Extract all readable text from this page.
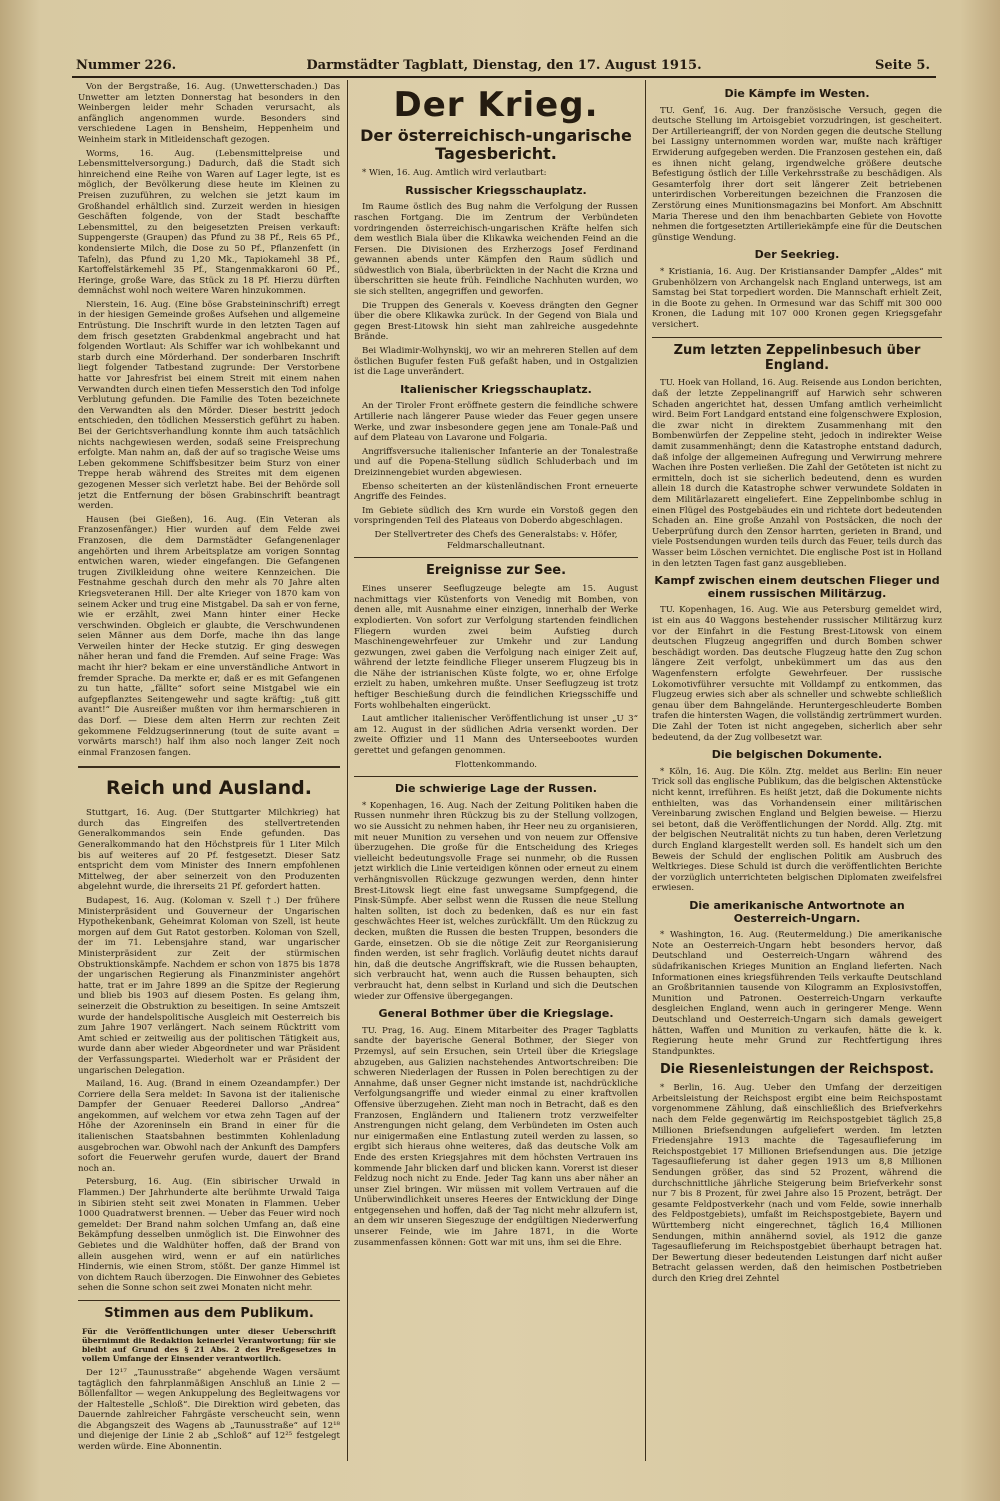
Nummer 226.	Darmstädter Tagblatt, Dienstag, den 17. August 1915.	Seite 5.

Von der Bergstraße, 16. Aug. (Unwetterschaden.) Das Unwetter am letzten Donnerstag hat besonders in den Weinbergen leider mehr Schaden verursacht, als anfänglich angenommen wurde. Besonders sind verschiedene Lagen in Bensheim, Heppenheim und Weinheim stark in Mitleidenschaft gezogen.

Worms, 16. Aug. (Lebensmittelpreise und Lebensmittelversorgung.) Dadurch, daß die Stadt sich hinreichend eine Reihe von Waren auf Lager legte, ist es möglich, der Bevölkerung diese heute im Kleinen zu Preisen zuzuführen, zu welchen sie jetzt kaum im Großhandel erhältlich sind. Zurzeit werden in hiesigen Geschäften folgende, von der Stadt beschaffte Lebensmittel, zu den beigesetzten Preisen verkauft: Suppengerste (Graupen) das Pfund zu 38 Pf., Reis 65 Pf., kondensierte Milch, die Dose zu 50 Pf., Pflanzenfett (in Tafeln), das Pfund zu 1,20 Mk., Tapiokamehl 38 Pf., Kartoffelstärkemehl 35 Pf., Stangenmakkaroni 60 Pf., Heringe, große Ware, das Stück zu 18 Pf. Hierzu dürften demnächst wohl noch weitere Waren hinzukommen.

Nierstein, 16. Aug. (Eine böse Grabsteininschrift) erregt in der hiesigen Gemeinde großes Aufsehen und allgemeine Entrüstung. Die Inschrift wurde in den letzten Tagen auf dem frisch gesetzten Grabdenkmal angebracht und hat folgenden Wortlaut: Als Schiffer war ich wohlbekannt und starb durch eine Mörderhand. Der sonderbaren Inschrift liegt folgender Tatbestand zugrunde: Der Verstorbene hatte vor Jahresfrist bei einem Streit mit einem nahen Verwandten durch einen tiefen Messerstich den Tod infolge Verblutung gefunden. Die Familie des Toten bezeichnete den Verwandten als den Mörder. Dieser bestritt jedoch entschieden, den tödlichen Messerstich geführt zu haben. Bei der Gerichtsverhandlung konnte ihm auch tatsächlich nichts nachgewiesen werden, sodaß seine Freisprechung erfolgte. Man nahm an, daß der auf so tragische Weise ums Leben gekommene Schiffsbesitzer beim Sturz von einer Treppe herab während des Streites mit dem eigenen gezogenen Messer sich verletzt habe. Bei der Behörde soll jetzt die Entfernung der bösen Grabinschrift beantragt werden.

Hausen (bei Gießen), 16. Aug. (Ein Veteran als Franzosenfänger.) Hier wurden auf dem Felde zwei Franzosen, die dem Darmstädter Gefangenenlager angehörten und ihrem Arbeitsplatze am vorigen Sonntag entwichen waren, wieder eingefangen. Die Gefangenen trugen Zivilkleidung ohne weitere Kennzeichen. Die Festnahme geschah durch den mehr als 70 Jahre alten Kriegsveteranen Hill. Der alte Krieger von 1870 kam von seinem Acker und trug eine Mistgabel. Da sah er von ferne, wie er erzählt, zwei Mann hinter einer Hecke verschwinden. Obgleich er glaubte, die Verschwundenen seien Männer aus dem Dorfe, mache ihn das lange Verweilen hinter der Hecke stutzig. Er ging deswegen näher heran und fand die Fremden. Auf seine Frage: Was macht ihr hier? bekam er eine unverständliche Antwort in fremder Sprache. Da merkte er, daß er es mit Gefangenen zu tun hatte, „fällte“ sofort seine Mistgabel wie ein aufgepflanztes Seitengewehr und sagte kräftig: „tuß gitt avant!“ Die Ausreißer mußten vor ihm hermarschieren in das Dorf. — Diese dem alten Herrn zur rechten Zeit gekommene Feldzugserinnerung (tout de suite avant = vorwärts marsch!) half ihm also noch langer Zeit noch einmal Franzosen fangen.

Reich und Ausland.

Stuttgart, 16. Aug. (Der Stuttgarter Milchkrieg) hat durch das Eingreifen des stellvertretenden Generalkommandos sein Ende gefunden. Das Generalkommando hat den Höchstpreis für 1 Liter Milch bis auf weiteres auf 20 Pf. festgesetzt. Dieser Satz entspricht dem vom Minister des Innern empfohlenen Mittelweg, der aber seinerzeit von den Produzenten abgelehnt wurde, die ihrerseits 21 Pf. gefordert hatten.

Budapest, 16. Aug. (Koloman v. Szell †.) Der frühere Ministerpräsident und Gouverneur der Ungarischen Hypothekenbank, Geheimrat Koloman von Szell, ist heute morgen auf dem Gut Ratot gestorben. Koloman von Szell, der im 71. Lebensjahre stand, war ungarischer Ministerpräsident zur Zeit der stürmischen Obstruktionskämpfe. Nachdem er schon von 1875 bis 1878 der ungarischen Regierung als Finanzminister angehört hatte, trat er im Jahre 1899 an die Spitze der Regierung und blieb bis 1903 auf diesem Posten. Es gelang ihm, seinerzeit die Obstruktion zu beseitigen. In seine Amtszeit wurde der handelspolitische Ausgleich mit Oesterreich bis zum Jahre 1907 verlängert. Nach seinem Rücktritt vom Amt schied er zeitweilig aus der politischen Tätigkeit aus, wurde dann aber wieder Abgeordneter und war Präsident der Verfassungspartei. Wiederholt war er Präsident der ungarischen Delegation.

Mailand, 16. Aug. (Brand in einem Ozeandampfer.) Der Corriere della Sera meldet: In Savona ist der italienische Dampfer der Genuaer Reederei Dallorso „Andrea“ angekommen, auf welchem vor etwa zehn Tagen auf der Höhe der Azoreninseln ein Brand in einer für die italienischen Staatsbahnen bestimmten Kohlenladung ausgebrochen war. Obwohl nach der Ankunft des Dampfers sofort die Feuerwehr gerufen wurde, dauert der Brand noch an.

Petersburg, 16. Aug. (Ein sibirischer Urwald in Flammen.) Der Jahrhunderte alte berühmte Urwald Taiga in Sibirien steht seit zwei Monaten in Flammen. Ueber 1000 Quadratwerst brennen. — Ueber das Feuer wird noch gemeldet: Der Brand nahm solchen Umfang an, daß eine Bekämpfung desselben unmöglich ist. Die Einwohner des Gebietes und die Waldhüter hoffen, daß der Brand von allein ausgehen wird, wenn er auf ein natürliches Hindernis, wie einen Strom, stößt. Der ganze Himmel ist von dichtem Rauch überzogen. Die Einwohner des Gebietes sehen die Sonne schon seit zwei Monaten nicht mehr.

Stimmen aus dem Publikum.

Für die Veröffentlichungen unter dieser Ueberschrift übernimmt die Redaktion keinerlei Verantwortung; für sie bleibt auf Grund des § 21 Abs. 2 des Preßgesetzes in vollem Umfange der Einsender verantwortlich.

Der 12¹⁷ „Taunusstraße“ abgehende Wagen versäumt tagtäglich den fahrplanmäßigen Anschluß an Linie 2 — Böllenfalltor — wegen Ankuppelung des Begleitwagens vor der Haltestelle „Schloß“. Die Direktion wird gebeten, das Dauernde zahlreicher Fahrgäste verscheucht sein, wenn die Abgangszeit des Wagens ab „Taunusstraße“ auf 12¹⁸ und diejenige der Linie 2 ab „Schloß“ auf 12²⁵ festgelegt werden würde. Eine Abonnentin.

Der Krieg.
Der österreichisch-ungarische Tagesbericht.

* Wien, 16. Aug. Amtlich wird verlautbart:

Russischer Kriegsschauplatz.

Im Raume östlich des Bug nahm die Verfolgung der Russen raschen Fortgang. Die im Zentrum der Verbündeten vordringenden österreichisch-ungarischen Kräfte helfen sich dem westlich Biala über die Klikawka weichenden Feind an die Fersen. Die Divisionen des Erzherzogs Josef Ferdinand gewannen abends unter Kämpfen den Raum südlich und südwestlich von Biala, überbrückten in der Nacht die Krzna und überschritten sie heute früh. Feindliche Nachhuten wurden, wo sie sich stellten, angegriffen und geworfen.

Die Truppen des Generals v. Koevess drängten den Gegner über die obere Klikawka zurück. In der Gegend von Biala und gegen Brest-Litowsk hin sieht man zahlreiche ausgedehnte Brände.

Bei Wladimir-Wolhynskij, wo wir an mehreren Stellen auf dem östlichen Bugufer festen Fuß gefaßt haben, und in Ostgalizien ist die Lage unverändert.

Italienischer Kriegsschauplatz.

An der Tiroler Front eröffnete gestern die feindliche schwere Artillerie nach längerer Pause wieder das Feuer gegen unsere Werke, und zwar insbesondere gegen jene am Tonale-Paß und auf dem Plateau von Lavarone und Folgaria.

Angriffsversuche italienischer Infanterie an der Tonalestraße und auf die Popena-Stellung südlich Schluderbach und im Dreizinnengebiet wurden abgewiesen.

Ebenso scheiterten an der küstenländischen Front erneuerte Angriffe des Feindes.

Im Gebiete südlich des Krn wurde ein Vorstoß gegen den vorspringenden Teil des Plateaus von Doberdo abgeschlagen.

Der Stellvertreter des Chefs des Generalstabs: v. Höfer, Feldmarschalleutnant.

Ereignisse zur See.

Eines unserer Seeflugzeuge belegte am 15. August nachmittags vier Küstenforts von Venedig mit Bomben, von denen alle, mit Ausnahme einer einzigen, innerhalb der Werke explodierten. Von sofort zur Verfolgung startenden feindlichen Fliegern wurden zwei beim Aufstieg durch Maschinengewehrfeuer zur Umkehr und zur Landung gezwungen, zwei gaben die Verfolgung nach einiger Zeit auf, während der letzte feindliche Flieger unserem Flugzeug bis in die Nähe der istrianischen Küste folgte, wo er, ohne Erfolge erzielt zu haben, umkehren mußte. Unser Seeflugzeug ist trotz heftiger Beschießung durch die feindlichen Kriegsschiffe und Forts wohlbehalten eingerückt.

Laut amtlicher italienischer Veröffentlichung ist unser „U 3“ am 12. August in der südlichen Adria versenkt worden. Der zweite Offizier und 11 Mann des Unterseebootes wurden gerettet und gefangen genommen.

Flottenkommando.

Die schwierige Lage der Russen.

* Kopenhagen, 16. Aug. Nach der Zeitung Politiken haben die Russen nunmehr ihren Rückzug bis zu der Stellung vollzogen, wo sie Aussicht zu nehmen haben, ihr Heer neu zu organisieren, mit neuer Munition zu versehen und von neuem zur Offensive überzugehen. Die große für die Entscheidung des Krieges vielleicht bedeutungsvolle Frage sei nunmehr, ob die Russen jetzt wirklich die Linie verteidigen können oder erneut zu einem verhängnisvollen Rückzuge gezwungen werden, denn hinter Brest-Litowsk liegt eine fast unwegsame Sumpfgegend, die Pinsk-Sümpfe. Aber selbst wenn die Russen die neue Stellung halten sollten, ist doch zu bedenken, daß es nur ein fast geschwächtes Heer ist, welches zurückfällt. Um den Rückzug zu decken, mußten die Russen die besten Truppen, besonders die Garde, einsetzen. Ob sie die nötige Zeit zur Reorganisierung finden werden, ist sehr fraglich. Vorläufig deutet nichts darauf hin, daß die deutsche Angriffskraft, wie die Russen behaupten, sich verbraucht hat, wenn auch die Russen behaupten, sich verbraucht hat, denn selbst in Kurland und sich die Deutschen wieder zur Offensive übergegangen.

General Bothmer über die Kriegslage.

TU. Prag, 16. Aug. Einem Mitarbeiter des Prager Tagblatts sandte der bayerische General Bothmer, der Sieger von Przemysl, auf sein Ersuchen, sein Urteil über die Kriegslage abzugeben, aus Galizien nachstehendes Antwortschreiben: Die schweren Niederlagen der Russen in Polen berechtigen zu der Annahme, daß unser Gegner nicht imstande ist, nachdrückliche Verfolgungsangriffe und wieder einmal zu einer kraftvollen Offensive überzugehen. Zieht man noch in Betracht, daß es den Franzosen, Engländern und Italienern trotz verzweifelter Anstrengungen nicht gelang, dem Verbündeten im Osten auch nur einigermaßen eine Entlastung zuteil werden zu lassen, so ergibt sich hieraus ohne weiteres, daß das deutsche Volk am Ende des ersten Kriegsjahres mit dem höchsten Vertrauen ins kommende Jahr blicken darf und blicken kann. Vorerst ist dieser Feldzug noch nicht zu Ende. Jeder Tag kann uns aber näher an unser Ziel bringen. Wir müssen mit vollem Vertrauen auf die Unüberwindlichkeit unseres Heeres der Entwicklung der Dinge entgegensehen und hoffen, daß der Tag nicht mehr allzufern ist, an dem wir unseren Siegeszuge der endgültigen Niederwerfung unserer Feinde, wie im Jahre 1871, in die Worte zusammenfassen können: Gott war mit uns, ihm sei die Ehre.

Die Kämpfe im Westen.

TU. Genf, 16. Aug. Der französische Versuch, gegen die deutsche Stellung im Artoisgebiet vorzudringen, ist gescheitert. Der Artillerieangriff, der von Norden gegen die deutsche Stellung bei Lassigny unternommen worden war, mußte nach kräftiger Erwiderung aufgegeben werden. Die Franzosen gestehen ein, daß es ihnen nicht gelang, irgendwelche größere deutsche Befestigung östlich der Lille Verkehrsstraße zu beschädigen. Als Gesamterfolg ihrer dort seit längerer Zeit betriebenen unterirdischen Vorbereitungen bezeichnen die Franzosen die Zerstörung eines Munitionsmagazins bei Monfort. Am Abschnitt Maria Therese und den ihm benachbarten Gebiete von Hovotte nehmen die fortgesetzten Artilleriekämpfe eine für die Deutschen günstige Wendung.

Der Seekrieg.

* Kristiania, 16. Aug. Der Kristiansander Dampfer „Aldes“ mit Grubenhölzern von Archangelsk nach England unterwegs, ist am Samstag bei Stat torpediert worden. Die Mannschaft erhielt Zeit, in die Boote zu gehen. In Ormesund war das Schiff mit 300 000 Kronen, die Ladung mit 107 000 Kronen gegen Kriegsgefahr versichert.

Zum letzten Zeppelinbesuch über England.

TU. Hoek van Holland, 16. Aug. Reisende aus London berichten, daß der letzte Zeppelinangriff auf Harwich sehr schweren Schaden angerichtet hat, dessen Umfang amtlich verheimlicht wird. Beim Fort Landgard entstand eine folgenschwere Explosion, die zwar nicht in direktem Zusammenhang mit den Bombenwürfen der Zeppeline steht, jedoch in indirekter Weise damit zusammenhängt; denn die Katastrophe entstand dadurch, daß infolge der allgemeinen Aufregung und Verwirrung mehrere Wachen ihre Posten verließen. Die Zahl der Getöteten ist nicht zu ermitteln, doch ist sie sicherlich bedeutend, denn es wurden allein 18 durch die Katastrophe schwer verwundete Soldaten in dem Militärlazarett eingeliefert. Eine Zeppelinbombe schlug in einen Flügel des Postgebäudes ein und richtete dort bedeutenden Schaden an. Eine große Anzahl von Postsäcken, die noch der Ueberprüfung durch den Zensor harrten, gerieten in Brand, und viele Postsendungen wurden teils durch das Feuer, teils durch das Wasser beim Löschen vernichtet. Die englische Post ist in Holland in den letzten Tagen fast ganz ausgeblieben.

Kampf zwischen einem deutschen Flieger und einem russischen Militärzug.

TU. Kopenhagen, 16. Aug. Wie aus Petersburg gemeldet wird, ist ein aus 40 Waggons bestehender russischer Militärzug kurz vor der Einfahrt in die Festung Brest-Litowsk von einem deutschen Flugzeug angegriffen und durch Bomben schwer beschädigt worden. Das deutsche Flugzeug hatte den Zug schon längere Zeit verfolgt, unbekümmert um das aus den Wagenfenstern erfolgte Gewehrfeuer. Der russische Lokomotivführer versuchte mit Volldampf zu entkommen, das Flugzeug erwies sich aber als schneller und schwebte schließlich genau über dem Bahngelände. Heruntergeschleuderte Bomben trafen die hintersten Wagen, die vollständig zertrümmert wurden. Die Zahl der Toten ist nicht angegeben, sicherlich aber sehr bedeutend, da der Zug vollbesetzt war.

Die belgischen Dokumente.

* Köln, 16. Aug. Die Köln. Ztg. meldet aus Berlin: Ein neuer Trick soll das englische Publikum, das die belgischen Aktenstücke nicht kennt, irreführen. Es heißt jetzt, daß die Dokumente nichts enthielten, was das Vorhandensein einer militärischen Vereinbarung zwischen England und Belgien beweise. — Hierzu sei betont, daß die Veröffentlichungen der Nordd. Allg. Ztg. mit der belgischen Neutralität nichts zu tun haben, deren Verletzung durch England klargestellt werden soll. Es handelt sich um den Beweis der Schuld der englischen Politik am Ausbruch des Weltkrieges. Diese Schuld ist durch die veröffentlichten Berichte der vorzüglich unterrichteten belgischen Diplomaten zweifelsfrei erwiesen.

Die amerikanische Antwortnote an Oesterreich-Ungarn.

* Washington, 16. Aug. (Reutermeldung.) Die amerikanische Note an Oesterreich-Ungarn hebt besonders hervor, daß Deutschland und Oesterreich-Ungarn während des südafrikanischen Krieges Munition an England lieferten. Nach Informationen eines kriegsführenden Teils verkaufte Deutschland an Großbritannien tausende von Kilogramm an Explosivstoffen, Munition und Patronen. Oesterreich-Ungarn verkaufte desgleichen England, wenn auch in geringerer Menge. Wenn Deutschland und Oesterreich-Ungarn sich damals geweigert hätten, Waffen und Munition zu verkaufen, hätte die k. k. Regierung heute mehr Grund zur Rechtfertigung ihres Standpunktes.

Die Riesenleistungen der Reichspost.

* Berlin, 16. Aug. Ueber den Umfang der derzeitigen Arbeitsleistung der Reichspost ergibt eine beim Reichspostamt vorgenommene Zählung, daß einschließlich des Briefverkehrs nach dem Felde gegenwärtig im Reichspostgebiet täglich 25,8 Millionen Briefsendungen aufgeliefert werden. Im letzten Friedensjahre 1913 machte die Tagesauflieferung im Reichspostgebiet 17 Millionen Briefsendungen aus. Die jetzige Tagesauflieferung ist daher gegen 1913 um 8,8 Millionen Sendungen größer, das sind 52 Prozent, während die durchschnittliche jährliche Steigerung beim Briefverkehr sonst nur 7 bis 8 Prozent, für zwei Jahre also 15 Prozent, beträgt. Der gesamte Feldpostverkehr (nach und vom Felde, sowie innerhalb des Feldpostgebiets), umfaßt im Reichspostgebiete, Bayern und Württemberg nicht eingerechnet, täglich 16,4 Millionen Sendungen, mithin annähernd soviel, als 1912 die ganze Tagesauflieferung im Reichspostgebiet überhaupt betragen hat. Der Bewertung dieser bedeutenden Leistungen darf nicht außer Betracht gelassen werden, daß den heimischen Postbetrieben durch den Krieg drei Zehntel
